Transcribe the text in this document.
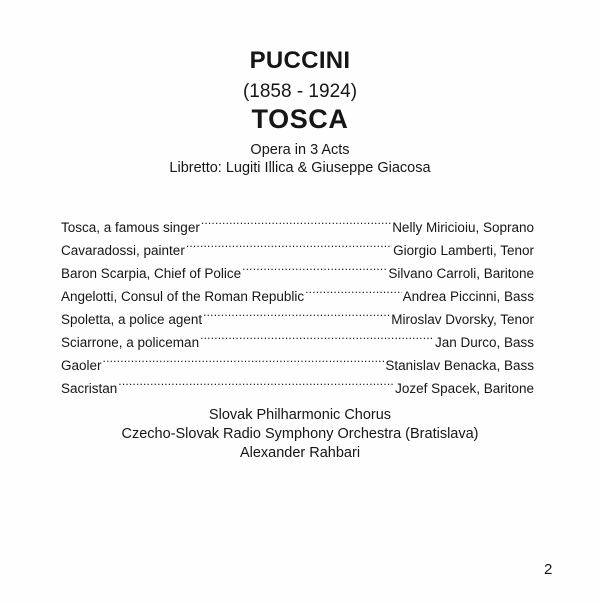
PUCCINI
(1858 - 1924)
TOSCA
Opera in 3 Acts
Libretto: Lugiti Illica & Giuseppe Giacosa
Tosca, a famous singer .....	Nelly Miricioiu, Soprano
Cavaradossi, painter .....	Giorgio Lamberti, Tenor
Baron Scarpia, Chief of Police .....	Silvano Carroli, Baritone
Angelotti, Consul of the Roman Republic .....	Andrea Piccinni, Bass
Spoletta, a police agent .....	Miroslav Dvorsky, Tenor
Sciarrone, a policeman .....	Jan Durco, Bass
Gaoler .....	Stanislav Benacka, Bass
Sacristan .....	Jozef Spacek, Baritone
Slovak Philharmonic Chorus
Czecho-Slovak Radio Symphony Orchestra (Bratislava)
Alexander Rahbari
2
